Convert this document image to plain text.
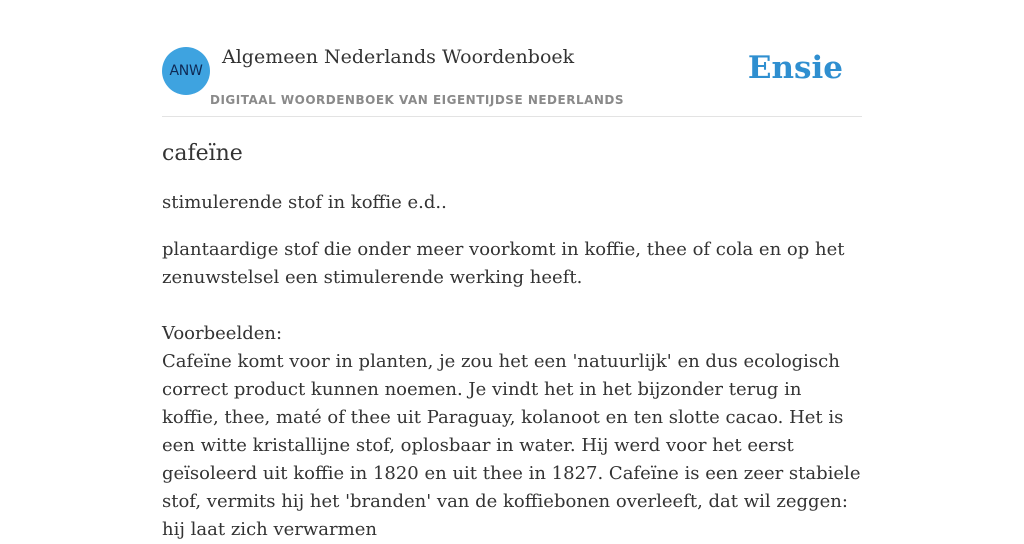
ANW
Algemeen Nederlands Woordenboek
DIGITAAL WOORDENBOEK VAN EIGENTIJDSE NEDERLANDS
Ensie
cafeïne

stimulerende stof in koffie e.d..

plantaardige stof die onder meer voorkomt in koffie, thee of cola en op het zenuwstelsel een stimulerende werking heeft.

Voorbeelden:
Cafeïne komt voor in planten, je zou het een 'natuurlijk' en dus ecologisch correct product kunnen noemen. Je vindt het in het bijzonder terug in koffie, thee, maté of thee uit Paraguay, kolanoot en ten slotte cacao. Het is een witte kristallijne stof, oplosbaar in water. Hij werd voor het eerst geïsoleerd uit koffie in 1820 en uit thee in 1827. Cafeïne is een zeer stabiele stof, vermits hij het 'branden' van de koffiebonen overleeft, dat wil zeggen: hij laat zich verwarmen
